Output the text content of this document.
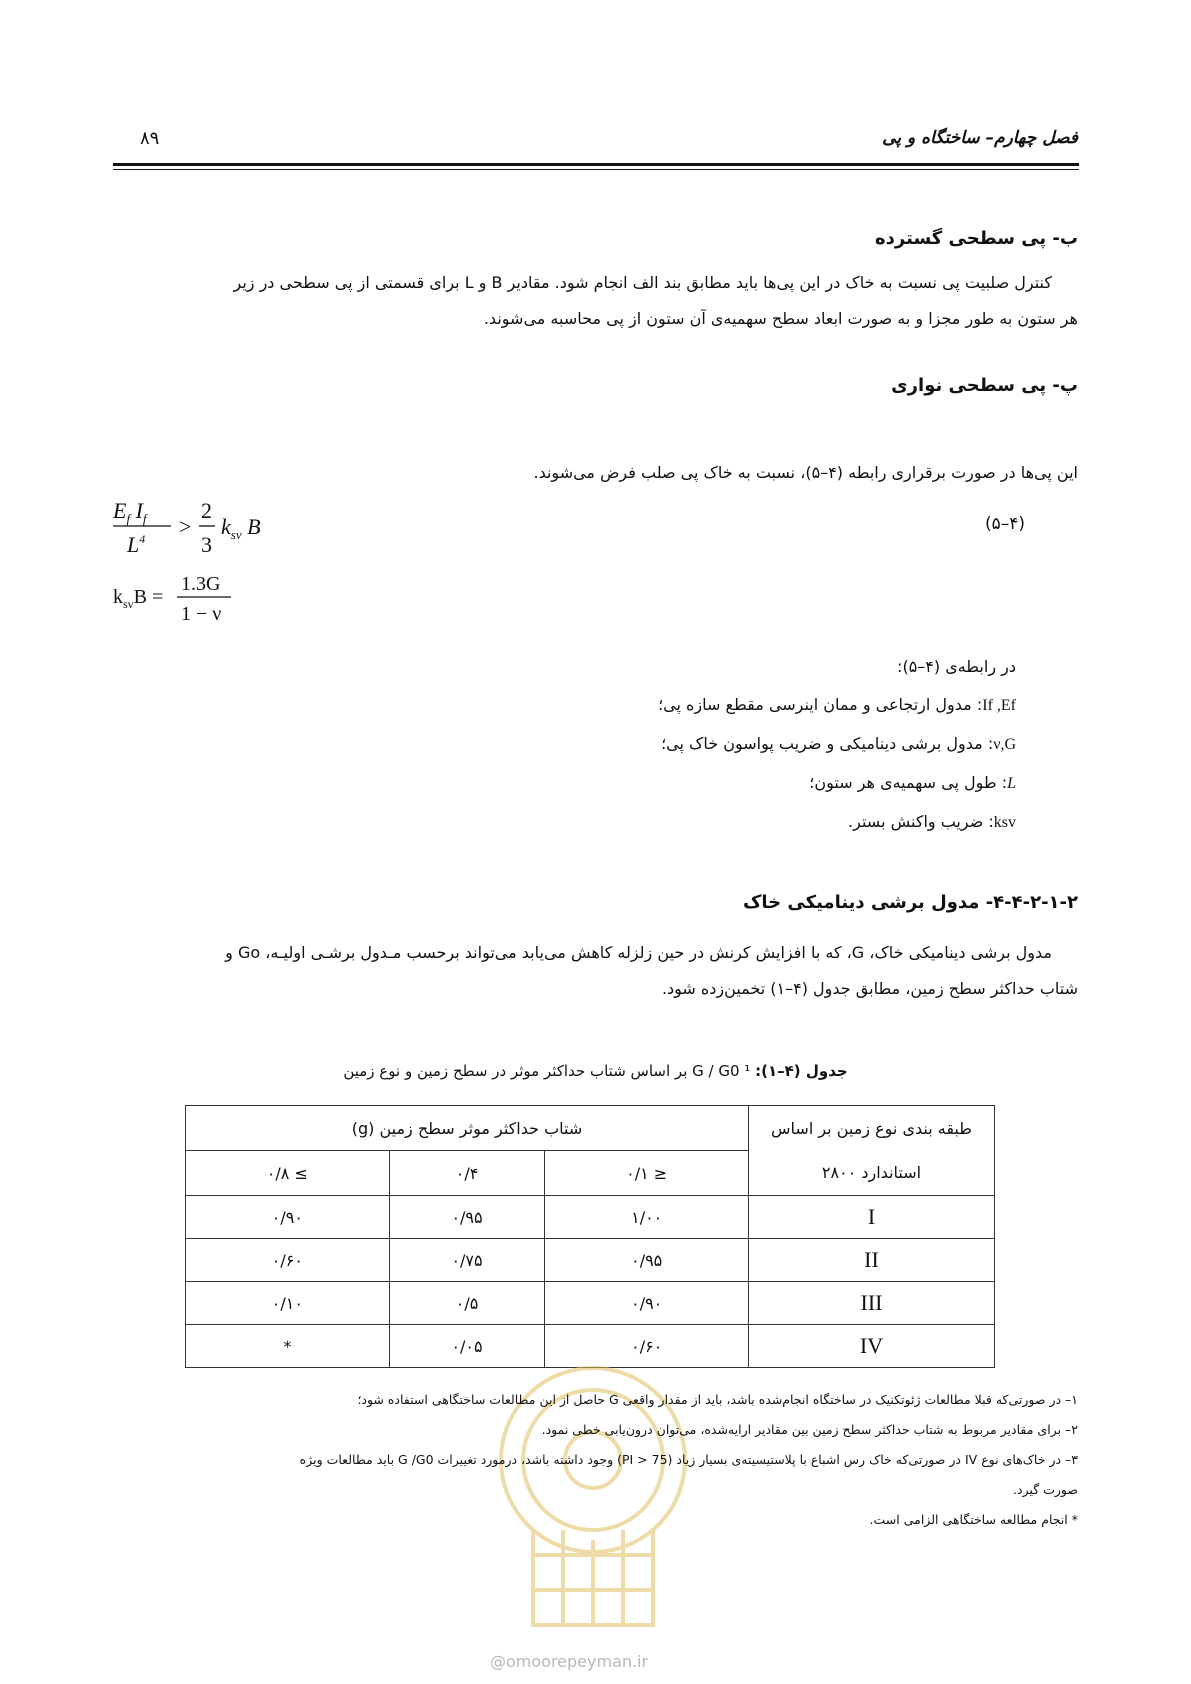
فصل چهارم– ساختگاه و پی
۸۹
ب- پی سطحی گسترده
کنترل صلبیت پی نسبت به خاک در این پی‌ها باید مطابق بند الف انجام شود. مقادیر B و L برای قسمتی از پی سطحی در زیر
هر ستون به طور مجزا و به صورت ابعاد سطح سهمیه‌ی آن ستون از پی محاسبه می‌شوند.
پ- پی سطحی نواری
این پی‌ها در صورت برقراری رابطه (۴–۵)، نسبت به خاک پی صلب فرض می‌شوند.
(۴–۵)
$E_f$ $I_f$
$L^4$ >
2
3
$k_{sv}$ B
$k_{sv}B$ =
1.3G
1 − ν
در رابطه‌ی (۴–۵):
If ,Ef: مدول ارتجاعی و ممان اینرسی مقطع سازه پی؛
ν,G: مدول برشی دینامیکی و ضریب پواسون خاک پی؛
L: طول پی سهمیه‌ی هر ستون؛
ksv: ضریب واکنش بستر.
۴-۴-۲-۱-۲- مدول برشی دینامیکی خاک
مدول برشی دینامیکی خاک، G، که با افزایش کرنش در حین زلزله کاهش می‌یابد می‌تواند برحسب مـدول برشـی اولیـه، Go و
شتاب حداکثر سطح زمین، مطابق جدول (۴–۱) تخمین‌زده شود.
جدول (۴–۱): G / G0 ¹ بر اساس شتاب حداکثر موثر در سطح زمین و نوع زمین
طبقه بندی نوع زمین بر اساس
استاندارد ۲۸۰۰	شتاب حداکثر موثر سطح زمین (g)		
	≤ ۰/۱	۰/۴	≥ ۰/۸
I	۱/۰۰	۰/۹۵	۰/۹۰
II	۰/۹۵	۰/۷۵	۰/۶۰
III	۰/۹۰	۰/۵	۰/۱۰
IV	۰/۶۰	۰/۰۵	*
۱– در صورتی‌که قبلا مطالعات ژئوتکنیک در ساختگاه انجام‌شده باشد، باید از مقدار واقعی G حاصل از این مطالعات ساختگاهی استفاده شود؛
۲– برای مقادیر مربوط به شتاب حداکثر سطح زمین بین مقادیر ارایه‌شده، می‌توان درون‌یابی خطی نمود.
۳– در خاک‌های نوع IV در صورتی‌که خاک رس اشباع با پلاستیسیته‌ی بسیار زیاد (PI > 75) وجود داشته باشد، درمورد تغییرات G /G0 باید مطالعات ویژه
صورت گیرد.
* انجام مطالعه ساختگاهی الزامی است.
@omoorepeyman.ir
